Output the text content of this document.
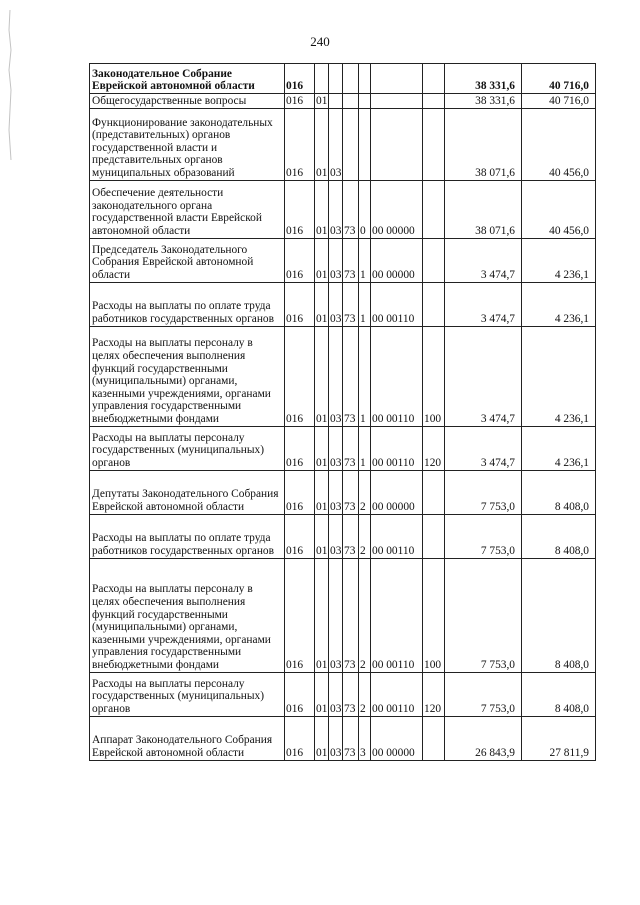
240
Законодательное Собрание Еврейской автономной области	016							38 331,6	40 716,0
Общегосударственные вопросы	016	01						38 331,6	40 716,0
Функционирование законодательных (представительных) органов государственной власти и представительных органов муниципальных образований	016	01	03					38 071,6	40 456,0
Обеспечение деятельности законодательного органа государственной власти Еврейской автономной области	016	01	03	73	0	00 00000		38 071,6	40 456,0
Председатель Законодательного Собрания Еврейской автономной области	016	01	03	73	1	00 00000		3 474,7	4 236,1
Расходы на выплаты по оплате труда работников государственных органов	016	01	03	73	1	00 00110		3 474,7	4 236,1
Расходы на выплаты персоналу в целях обеспечения выполнения функций государственными (муниципальными) органами, казенными учреждениями, органами управления государственными внебюджетными фондами	016	01	03	73	1	00 00110	100	3 474,7	4 236,1
Расходы на выплаты персоналу государственных (муниципальных) органов	016	01	03	73	1	00 00110	120	3 474,7	4 236,1
Депутаты Законодательного Собрания Еврейской автономной области	016	01	03	73	2	00 00000		7 753,0	8 408,0
Расходы на выплаты по оплате труда работников государственных органов	016	01	03	73	2	00 00110		7 753,0	8 408,0
Расходы на выплаты персоналу в целях обеспечения выполнения функций государственными (муниципальными) органами, казенными учреждениями, органами управления государственными внебюджетными фондами	016	01	03	73	2	00 00110	100	7 753,0	8 408,0
Расходы на выплаты персоналу государственных (муниципальных) органов	016	01	03	73	2	00 00110	120	7 753,0	8 408,0
Аппарат Законодательного Собрания Еврейской автономной области	016	01	03	73	3	00 00000		26 843,9	27 811,9
